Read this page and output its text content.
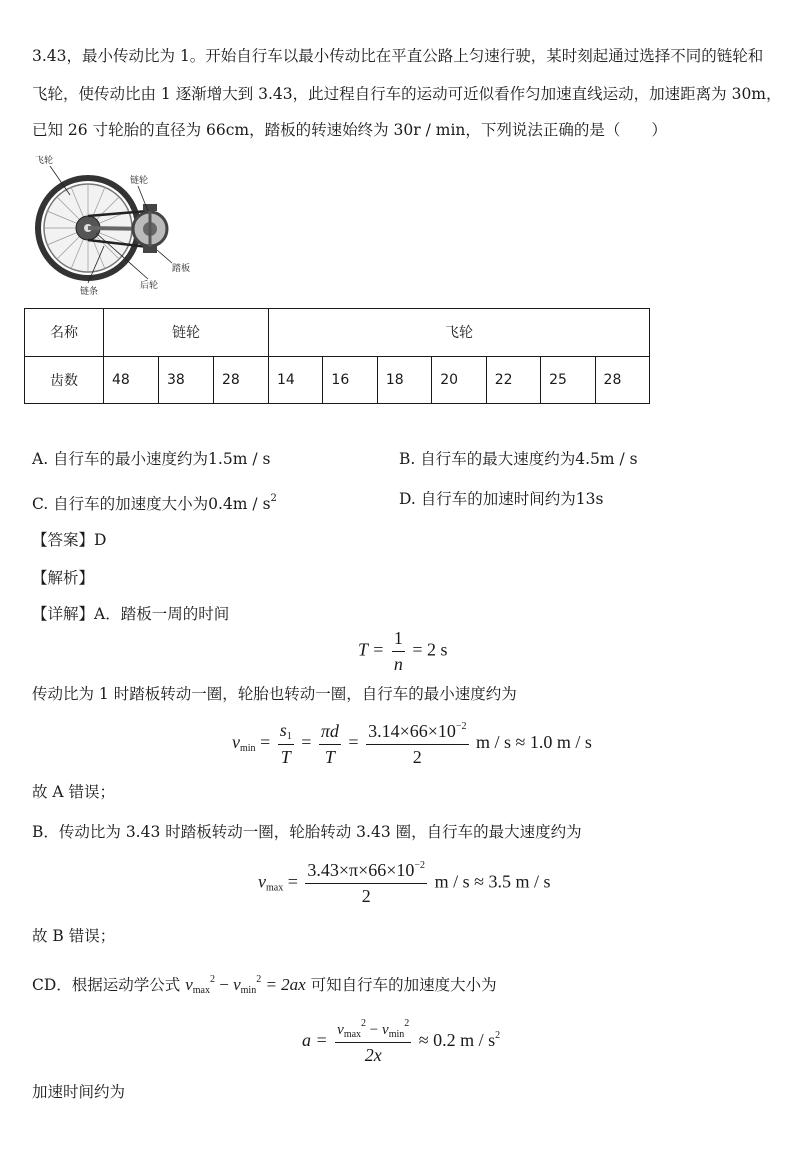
3.43，最小传动比为 1。开始自行车以最小传动比在平直公路上匀速行驶，某时刻起通过选择不同的链轮和
飞轮，使传动比由 1 逐渐增大到 3.43，此过程自行车的运动可近似看作匀加速直线运动，加速距离为 30m，
已知 26 寸轮胎的直径为 66cm，踏板的转速始终为 30r / min，下列说法正确的是（　　）
飞轮
链轮
踏板
后轮
链条
名称	链轮			飞轮						
齿数	48	38	28	14	16	18	20	22	25	28
A. 自行车的最小速度约为1.5m / s	B. 自行车的最大速度约为4.5m / s
C. 自行车的加速度大小为$0.4m / s^2$	D. 自行车的加速时间约为13s
【答案】D
【解析】
【详解】A．踏板一周的时间
$T = \frac{1}{n} = 2$ s
传动比为 1 时踏板转动一圈，轮胎也转动一圈，自行车的最小速度约为
$v_{min} = \frac{s_1}{T} = \frac{\pi d}{T} = \frac{3.14\times 66\times 10^{-2}}{2}$ m / s ≈ 1.0 m / s
故 A 错误；
B．传动比为 3.43 时踏板转动一圈，轮胎转动 3.43 圈，自行车的最大速度约为
$v_{max} = \frac{3.43\times\pi\times 66\times 10^{-2}}{2}$ m / s ≈ 3.5 m / s
故 B 错误；
CD．根据运动学公式 $v_{max}^2 - v_{min}^2 = 2ax$ 可知自行车的加速度大小为
$a = \frac{v_{max}^2 - v_{min}^2}{2x} \approx 0.2$ m / $s^2$
加速时间约为
